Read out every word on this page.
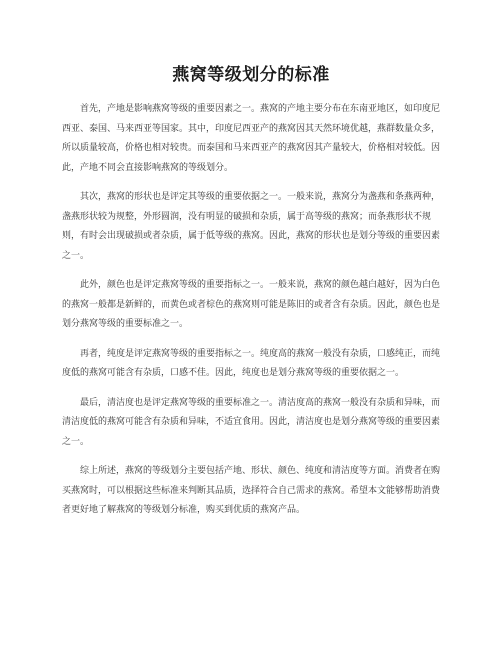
燕窝等级划分的标准

首先，产地是影响燕窝等级的重要因素之一。燕窝的产地主要分布在东南亚地区，如印度尼西亚、泰国、马来西亚等国家。其中，印度尼西亚产的燕窝因其天然环境优越，燕群数量众多，所以质量较高，价格也相对较贵。而泰国和马来西亚产的燕窝因其产量较大，价格相对较低。因此，产地不同会直接影响燕窝的等级划分。

其次，燕窝的形状也是评定其等级的重要依据之一。一般来说，燕窝分为盏燕和条燕两种，盏燕形状较为规整，外形圆润，没有明显的破损和杂质，属于高等级的燕窝；而条燕形状不规则，有时会出现破损或者杂质，属于低等级的燕窝。因此，燕窝的形状也是划分等级的重要因素之一。

此外，颜色也是评定燕窝等级的重要指标之一。一般来说，燕窝的颜色越白越好，因为白色的燕窝一般都是新鲜的，而黄色或者棕色的燕窝则可能是陈旧的或者含有杂质。因此，颜色也是划分燕窝等级的重要标准之一。

再者，纯度是评定燕窝等级的重要指标之一。纯度高的燕窝一般没有杂质，口感纯正，而纯度低的燕窝可能含有杂质，口感不佳。因此，纯度也是划分燕窝等级的重要依据之一。

最后，清洁度也是评定燕窝等级的重要标准之一。清洁度高的燕窝一般没有杂质和异味，而清洁度低的燕窝可能含有杂质和异味，不适宜食用。因此，清洁度也是划分燕窝等级的重要因素之一。

综上所述，燕窝的等级划分主要包括产地、形状、颜色、纯度和清洁度等方面。消费者在购买燕窝时，可以根据这些标准来判断其品质，选择符合自己需求的燕窝。希望本文能够帮助消费者更好地了解燕窝的等级划分标准，购买到优质的燕窝产品。
